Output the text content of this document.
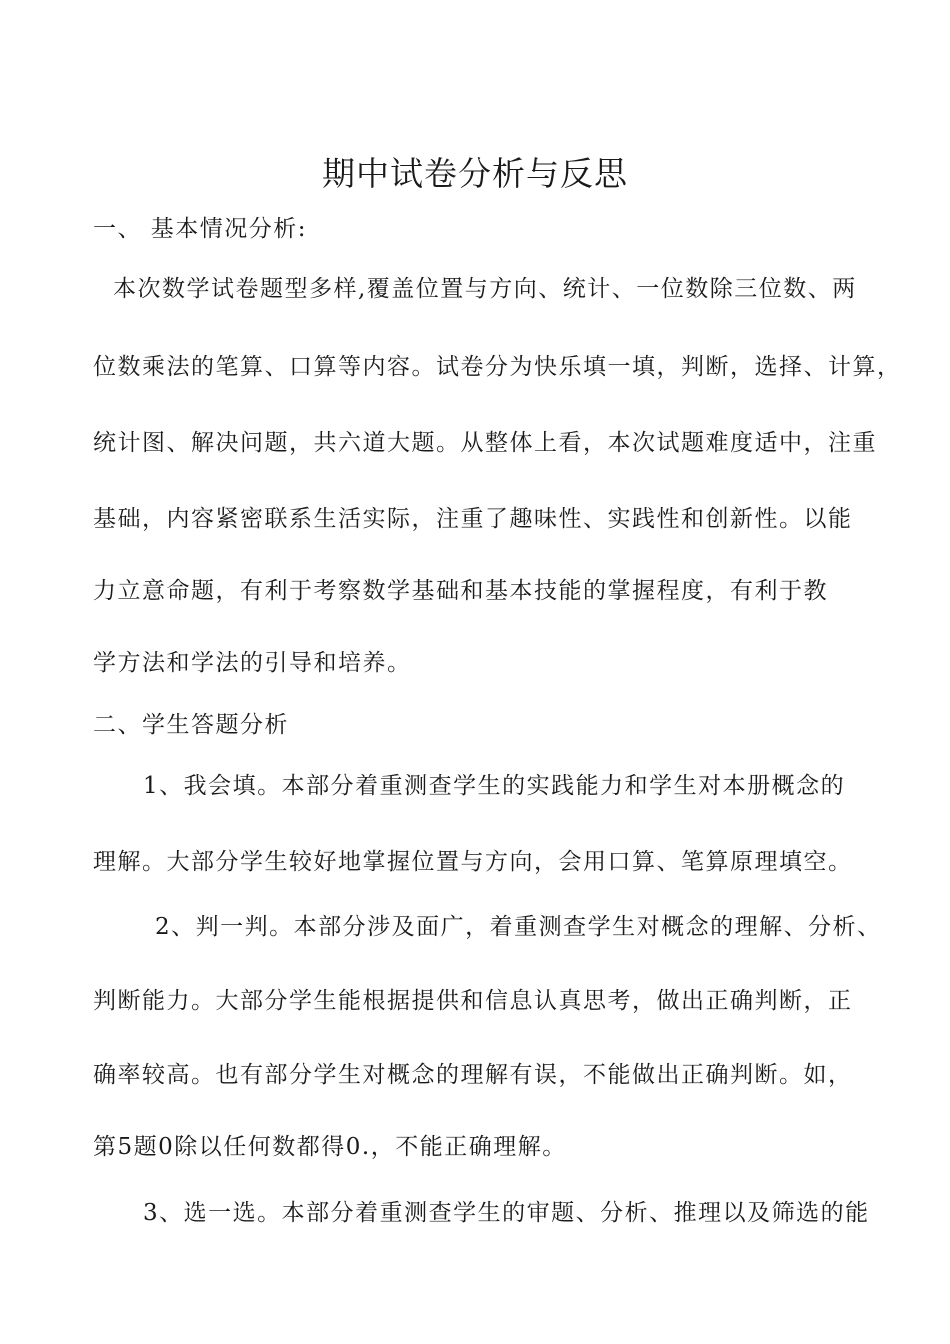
期中试卷分析与反思
一、 基本情况分析:
本次数学试卷题型多样,覆盖位置与方向、统计、一位数除三位数、两
位数乘法的笔算、口算等内容。试卷分为快乐填一填，判断，选择、计算，
统计图、解决问题，共六道大题。从整体上看，本次试题难度适中，注重
基础，内容紧密联系生活实际，注重了趣味性、实践性和创新性。以能
力立意命题，有利于考察数学基础和基本技能的掌握程度，有利于教
学方法和学法的引导和培养。
二、学生答题分析
1、我会填。本部分着重测查学生的实践能力和学生对本册概念的
理解。大部分学生较好地掌握位置与方向，会用口算、笔算原理填空。
2、判一判。本部分涉及面广，着重测查学生对概念的理解、分析、
判断能力。大部分学生能根据提供和信息认真思考，做出正确判断，正
确率较高。也有部分学生对概念的理解有误，不能做出正确判断。如，
第5题0除以任何数都得0.，不能正确理解。
3、选一选。本部分着重测查学生的审题、分析、推理以及筛选的能
